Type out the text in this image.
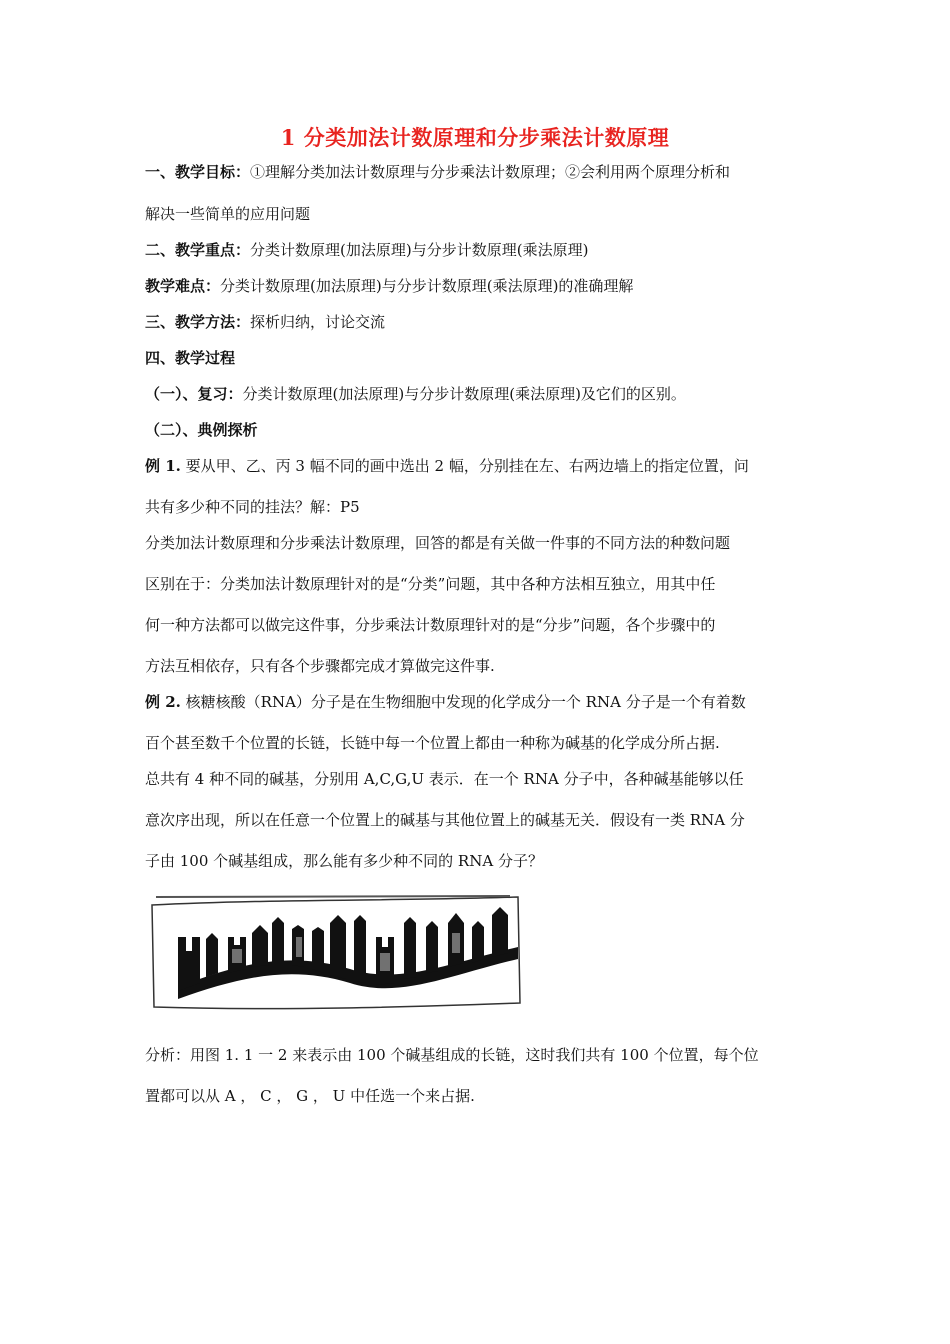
1 分类加法计数原理和分步乘法计数原理
一、教学目标：①理解分类加法计数原理与分步乘法计数原理；②会利用两个原理分析和
解决一些简单的应用问题
二、教学重点：分类计数原理(加法原理)与分步计数原理(乘法原理)
教学难点：分类计数原理(加法原理)与分步计数原理(乘法原理)的准确理解
三、教学方法：探析归纳，讨论交流
四、教学过程
（一）、复习：分类计数原理(加法原理)与分步计数原理(乘法原理)及它们的区别。
（二）、典例探析
例 1. 要从甲、乙、丙 3 幅不同的画中选出 2 幅，分别挂在左、右两边墙上的指定位置，问
共有多少种不同的挂法？解：P5
分类加法计数原理和分步乘法计数原理，回答的都是有关做一件事的不同方法的种数问题
区别在于：分类加法计数原理针对的是“分类”问题，其中各种方法相互独立，用其中任
何一种方法都可以做完这件事，分步乘法计数原理针对的是“分步”问题，各个步骤中的
方法互相依存，只有各个步骤都完成才算做完这件事.
例 2. 核糖核酸（RNA）分子是在生物细胞中发现的化学成分一个 RNA 分子是一个有着数
百个甚至数千个位置的长链，长链中每一个位置上都由一种称为碱基的化学成分所占据.
总共有 4 种不同的碱基，分别用 A,C,G,U 表示．在一个 RNA 分子中，各种碱基能够以任
意次序出现，所以在任意一个位置上的碱基与其他位置上的碱基无关．假设有一类 RNA 分
子由 100 个碱基组成，那么能有多少种不同的 RNA 分子？
分析：用图 1. 1 一 2 来表示由 100 个碱基组成的长链，这时我们共有 100 个位置，每个位
置都可以从 A ， C ， G ， U 中任选一个来占据.
